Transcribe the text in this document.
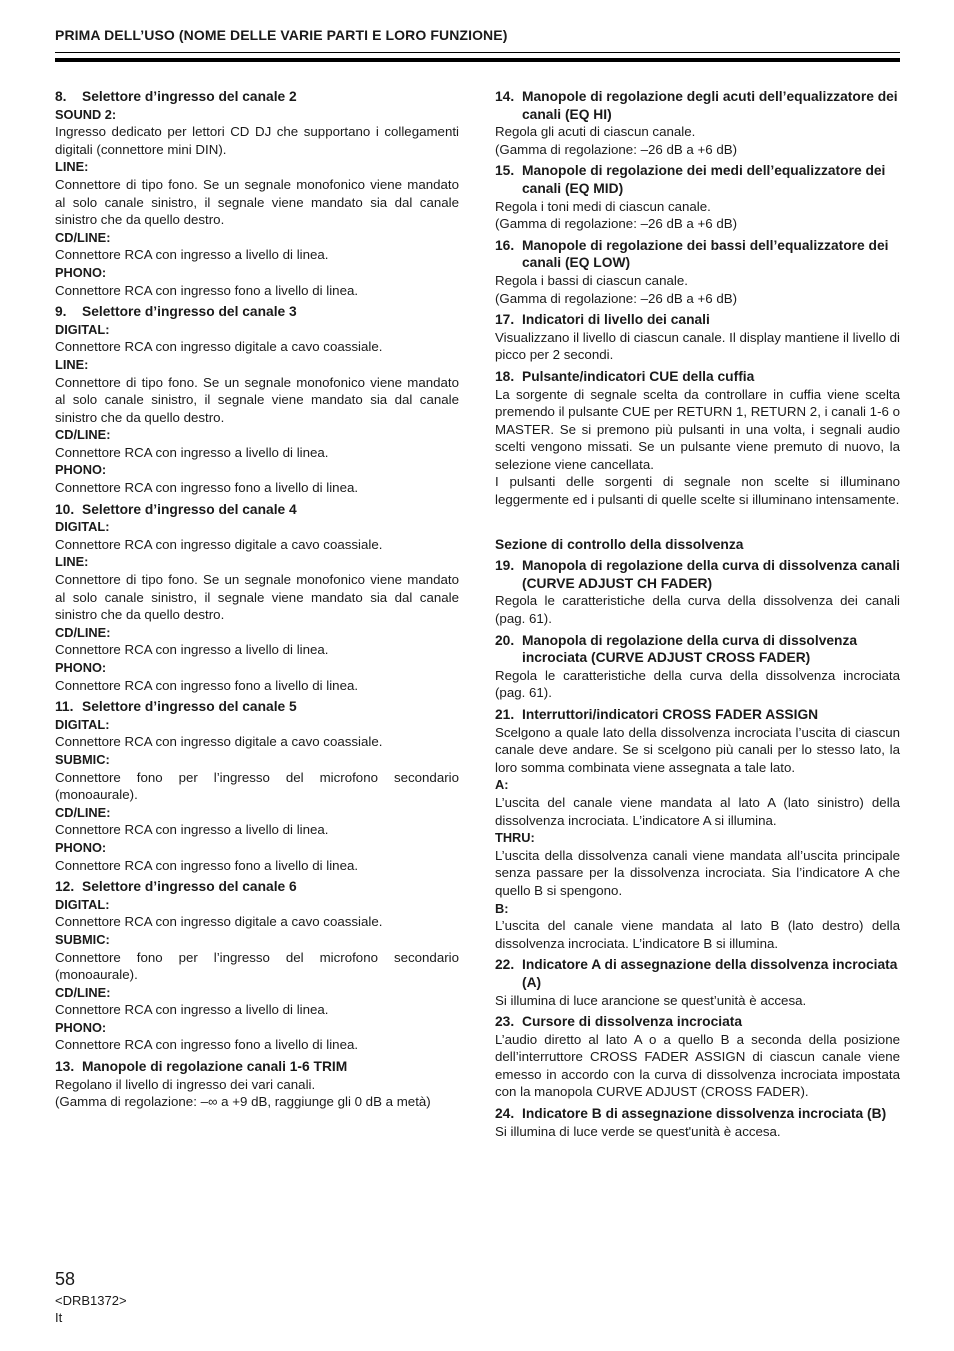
PRIMA DELL’USO (NOME DELLE VARIE PARTI E LORO FUNZIONE)
8.	Selettore d’ingresso del canale 2
SOUND 2:
Ingresso dedicato per lettori CD DJ che supportano i collegamenti digitali (connettore mini DIN).
LINE:
Connettore di tipo fono. Se un segnale monofonico viene mandato al solo canale sinistro, il segnale viene mandato sia dal canale sinistro che da quello destro.
CD/LINE:
Connettore RCA con ingresso a livello di linea.
PHONO:
Connettore RCA con ingresso fono a livello di linea.
9.	Selettore d’ingresso del canale 3
DIGITAL:
Connettore RCA con ingresso digitale a cavo coassiale.
LINE:
Connettore di tipo fono. Se un segnale monofonico viene mandato al solo canale sinistro, il segnale viene mandato sia dal canale sinistro che da quello destro.
CD/LINE:
Connettore RCA con ingresso a livello di linea.
PHONO:
Connettore RCA con ingresso fono a livello di linea.
10. Selettore d’ingresso del canale 4
DIGITAL:
Connettore RCA con ingresso digitale a cavo coassiale.
LINE:
Connettore di tipo fono. Se un segnale monofonico viene mandato al solo canale sinistro, il segnale viene mandato sia dal canale sinistro che da quello destro.
CD/LINE:
Connettore RCA con ingresso a livello di linea.
PHONO:
Connettore RCA con ingresso fono a livello di linea.
11. Selettore d’ingresso del canale 5
DIGITAL:
Connettore RCA con ingresso digitale a cavo coassiale.
SUBMIC:
Connettore fono per l’ingresso del microfono secondario (monoaurale).
CD/LINE:
Connettore RCA con ingresso a livello di linea.
PHONO:
Connettore RCA con ingresso fono a livello di linea.
12. Selettore d’ingresso del canale 6
DIGITAL:
Connettore RCA con ingresso digitale a cavo coassiale.
SUBMIC:
Connettore fono per l’ingresso del microfono secondario (monoaurale).
CD/LINE:
Connettore RCA con ingresso a livello di linea.
PHONO:
Connettore RCA con ingresso fono a livello di linea.
13. Manopole di regolazione canali 1-6 TRIM
Regolano il livello di ingresso dei vari canali.
(Gamma di regolazione: –∞ a +9 dB, raggiunge gli 0 dB a metà)
14. Manopole di regolazione degli acuti dell’equalizzatore dei canali (EQ HI)
Regola gli acuti di ciascun canale.
(Gamma di regolazione: –26 dB a +6 dB)
15. Manopole di regolazione dei medi dell’equalizzatore dei canali (EQ MID)
Regola i toni medi di ciascun canale.
(Gamma di regolazione: –26 dB a +6 dB)
16. Manopole di regolazione dei bassi dell’equalizzatore dei canali (EQ LOW)
Regola i bassi di ciascun canale.
(Gamma di regolazione: –26 dB a +6 dB)
17. Indicatori di livello dei canali
Visualizzano il livello di ciascun canale. Il display mantiene il livello di picco per 2 secondi.
18. Pulsante/indicatori CUE della cuffia
La sorgente di segnale scelta da controllare in cuffia viene scelta premendo il pulsante CUE per RETURN 1, RETURN 2, i canali 1-6 o MASTER. Se si premono più pulsanti in una volta, i segnali audio scelti vengono missati. Se un pulsante viene premuto di nuovo, la selezione viene cancellata.
I pulsanti delle sorgenti di segnale non scelte si illuminano leggermente ed i pulsanti di quelle scelte si illuminano intensamente.
Sezione di controllo della dissolvenza
19. Manopola di regolazione della curva di dissolvenza canali (CURVE ADJUST CH FADER)
Regola le caratteristiche della curva della dissolvenza dei canali (pag. 61).
20. Manopola di regolazione della curva di dissolvenza incrociata (CURVE ADJUST CROSS FADER)
Regola le caratteristiche della curva della dissolvenza incrociata (pag. 61).
21. Interruttori/indicatori CROSS FADER ASSIGN
Scelgono a quale lato della dissolvenza incrociata l’uscita di ciascun canale deve andare. Se si scelgono più canali per lo stesso lato, la loro somma combinata viene assegnata a tale lato.
A:
L’uscita del canale viene mandata al lato A (lato sinistro) della dissolvenza incrociata. L’indicatore A si illumina.
THRU:
L’uscita della dissolvenza canali viene mandata all’uscita principale senza passare per la dissolvenza incrociata. Sia l’indicatore A che quello B si spengono.
B:
L’uscita del canale viene mandata al lato B (lato destro) della dissolvenza incrociata. L’indicatore B si illumina.
22. Indicatore A di assegnazione della dissolvenza incrociata (A)
Si illumina di luce arancione se quest’unità è accesa.
23. Cursore di dissolvenza incrociata
L’audio diretto al lato A o a quello B a seconda della posizione dell’interruttore CROSS FADER ASSIGN di ciascun canale viene emesso in accordo con la curva di dissolvenza incrociata impostata con la manopola CURVE ADJUST (CROSS FADER).
24. Indicatore B di assegnazione dissolvenza incrociata (B)
Si illumina di luce verde se quest'unità è accesa.
58
<DRB1372>
It
